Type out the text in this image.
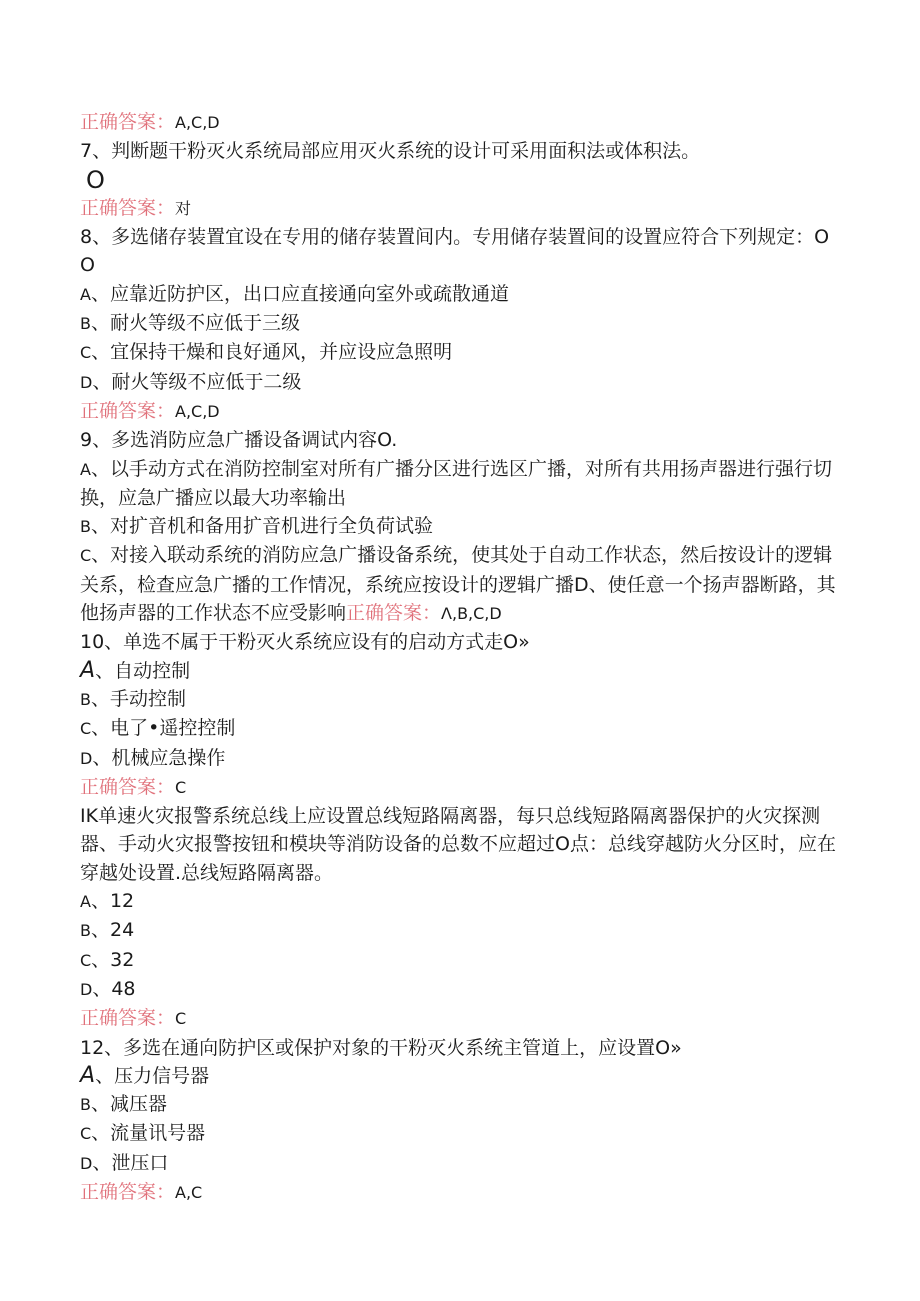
正确答案：A,C,D
7、判断题干粉灭火系统局部应用灭火系统的设计可采用面积法或体积法。
O
正确答案：对
8、多选储存装置宜设在专用的储存装置间内。专用储存装置间的设置应符合下列规定：OO
A、应靠近防护区，出口应直接通向室外或疏散通道
B、耐火等级不应低于三级
C、宜保持干燥和良好通风，并应设应急照明
D、耐火等级不应低于二级
正确答案：A,C,D
9、多选消防应急广播设备调试内容O.
A、以手动方式在消防控制室对所有广播分区进行选区广播，对所有共用扬声器进行强行切换，应急广播应以最大功率输出
B、对扩音机和备用扩音机进行全负荷试验
C、对接入联动系统的消防应急广播设备系统，使其处于自动工作状态，然后按设计的逻辑关系，检查应急广播的工作情况，系统应按设计的逻辑广播D、使任意一个扬声器断路，其他扬声器的工作状态不应受影响正确答案：Λ,B,C,D
10、单选不属于干粉灭火系统应设有的启动方式走O»
A、自动控制
B、手动控制
C、电了•遥控控制
D、机械应急操作
正确答案：C
IK单速火灾报警系统总线上应设置总线短路隔离器，每只总线短路隔离器保护的火灾探测器、手动火灾报警按钮和模块等消防设备的总数不应超过O点：总线穿越防火分区时，应在穿越处设置.总线短路隔离器。
A、12
B、24
C、32
D、48
正确答案：C
12、多选在通向防护区或保护对象的干粉灭火系统主管道上，应设置O»
A、压力信号器
B、减压器
C、流量讯号器
D、泄压口
正确答案：A,C
